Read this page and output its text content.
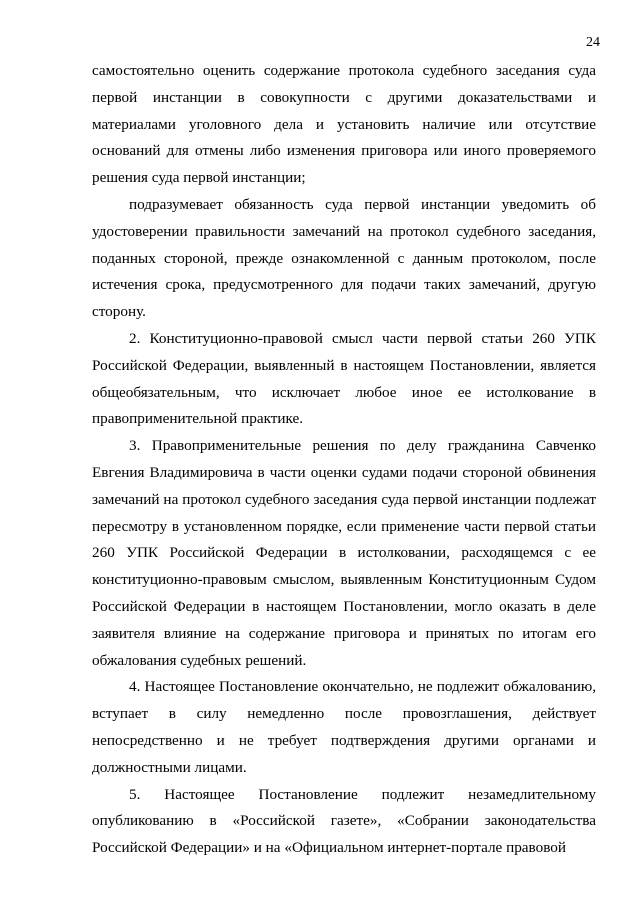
24

самостоятельно оценить содержание протокола судебного заседания суда первой инстанции в совокупности с другими доказательствами и материалами уголовного дела и установить наличие или отсутствие оснований для отмены либо изменения приговора или иного проверяемого решения суда первой инстанции;

подразумевает обязанность суда первой инстанции уведомить об удостоверении правильности замечаний на протокол судебного заседания, поданных стороной, прежде ознакомленной с данным протоколом, после истечения срока, предусмотренного для подачи таких замечаний, другую сторону.

2. Конституционно-правовой смысл части первой статьи 260 УПК Российской Федерации, выявленный в настоящем Постановлении, является общеобязательным, что исключает любое иное ее истолкование в правоприменительной практике.

3. Правоприменительные решения по делу гражданина Савченко Евгения Владимировича в части оценки судами подачи стороной обвинения замечаний на протокол судебного заседания суда первой инстанции подлежат пересмотру в установленном порядке, если применение части первой статьи 260 УПК Российской Федерации в истолковании, расходящемся с ее конституционно-правовым смыслом, выявленным Конституционным Судом Российской Федерации в настоящем Постановлении, могло оказать в деле заявителя влияние на содержание приговора и принятых по итогам его обжалования судебных решений.

4. Настоящее Постановление окончательно, не подлежит обжалованию, вступает в силу немедленно после провозглашения, действует непосредственно и не требует подтверждения другими органами и должностными лицами.

5. Настоящее Постановление подлежит незамедлительному опубликованию в «Российской газете», «Собрании законодательства Российской Федерации» и на «Официальном интернет-портале правовой
